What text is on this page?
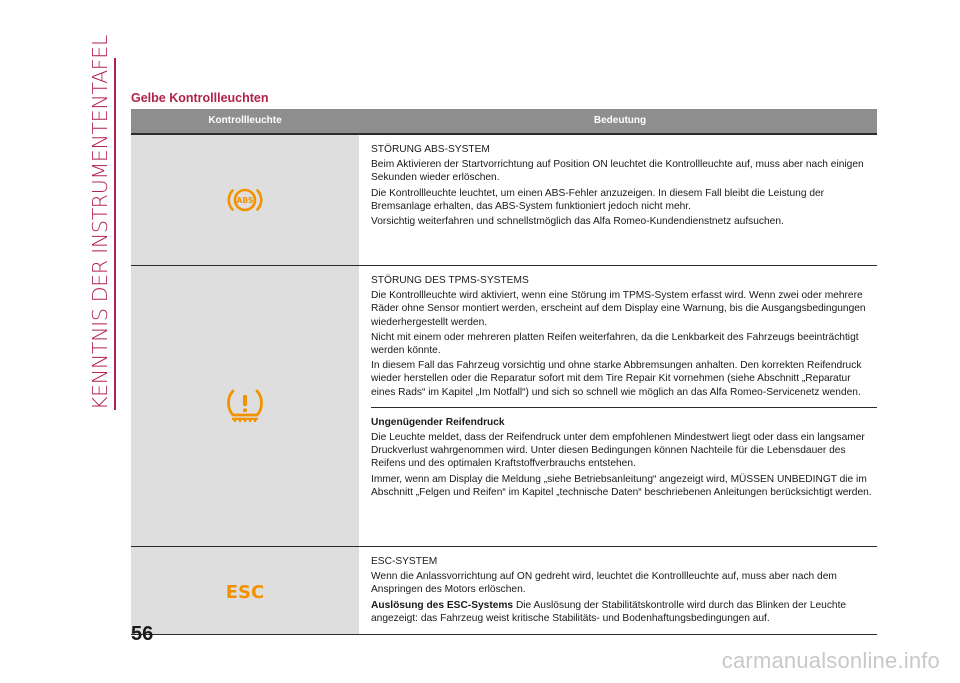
KENNTNIS DER INSTRUMENTENTAFEL	Gelbe Kontrollleuchten
Kontrollleuchte	Bedeutung
ABS

STÖRUNG ABS-SYSTEM

Beim Aktivieren der Startvorrichtung auf Position ON leuchtet die Kontrollleuchte auf, muss aber nach einigen Sekunden wieder erlöschen.

Die Kontrollleuchte leuchtet, um einen ABS-Fehler anzuzeigen. In diesem Fall bleibt die Leistung der Bremsanlage erhalten, das ABS-System funktioniert jedoch nicht mehr.

Vorsichtig weiterfahren und schnellstmöglich das Alfa Romeo-Kundendienstnetz aufsuchen.

STÖRUNG DES TPMS-SYSTEMS

Die Kontrollleuchte wird aktiviert, wenn eine Störung im TPMS-System erfasst wird. Wenn zwei oder mehrere Räder ohne Sensor montiert werden, erscheint auf dem Display eine Warnung, bis die Ausgangsbedingungen wiederhergestellt werden.

Nicht mit einem oder mehreren platten Reifen weiterfahren, da die Lenkbarkeit des Fahrzeugs beeinträchtigt werden könnte.

In diesem Fall das Fahrzeug vorsichtig und ohne starke Abbremsungen anhalten. Den korrekten Reifendruck wieder herstellen oder die Reparatur sofort mit dem Tire Repair Kit vornehmen (siehe Abschnitt „Reparatur eines Rads“ im Kapitel „Im Notfall“) und sich so schnell wie möglich an das Alfa Romeo-Servicenetz wenden.

Ungenügender Reifendruck

Die Leuchte meldet, dass der Reifendruck unter dem empfohlenen Mindestwert liegt oder dass ein langsamer Druckverlust wahrgenommen wird. Unter diesen Bedingungen können Nachteile für die Lebensdauer des Reifens und des optimalen Kraftstoffverbrauchs entstehen.

Immer, wenn am Display die Meldung „siehe Betriebsanleitung“ angezeigt wird, MÜSSEN UNBEDINGT die im Abschnitt „Felgen und Reifen“ im Kapitel „technische Daten“ beschriebenen Anleitungen berücksichtigt werden.

ESC

ESC-SYSTEM

Wenn die Anlassvorrichtung auf ON gedreht wird, leuchtet die Kontrollleuchte auf, muss aber nach dem Anspringen des Motors erlöschen.

Auslösung des ESC-Systems Die Auslösung der Stabilitätskontrolle wird durch das Blinken der Leuchte angezeigt: das Fahrzeug weist kritische Stabilitäts- und Bodenhaftungsbedingungen auf.

56
carmanualsonline.info
